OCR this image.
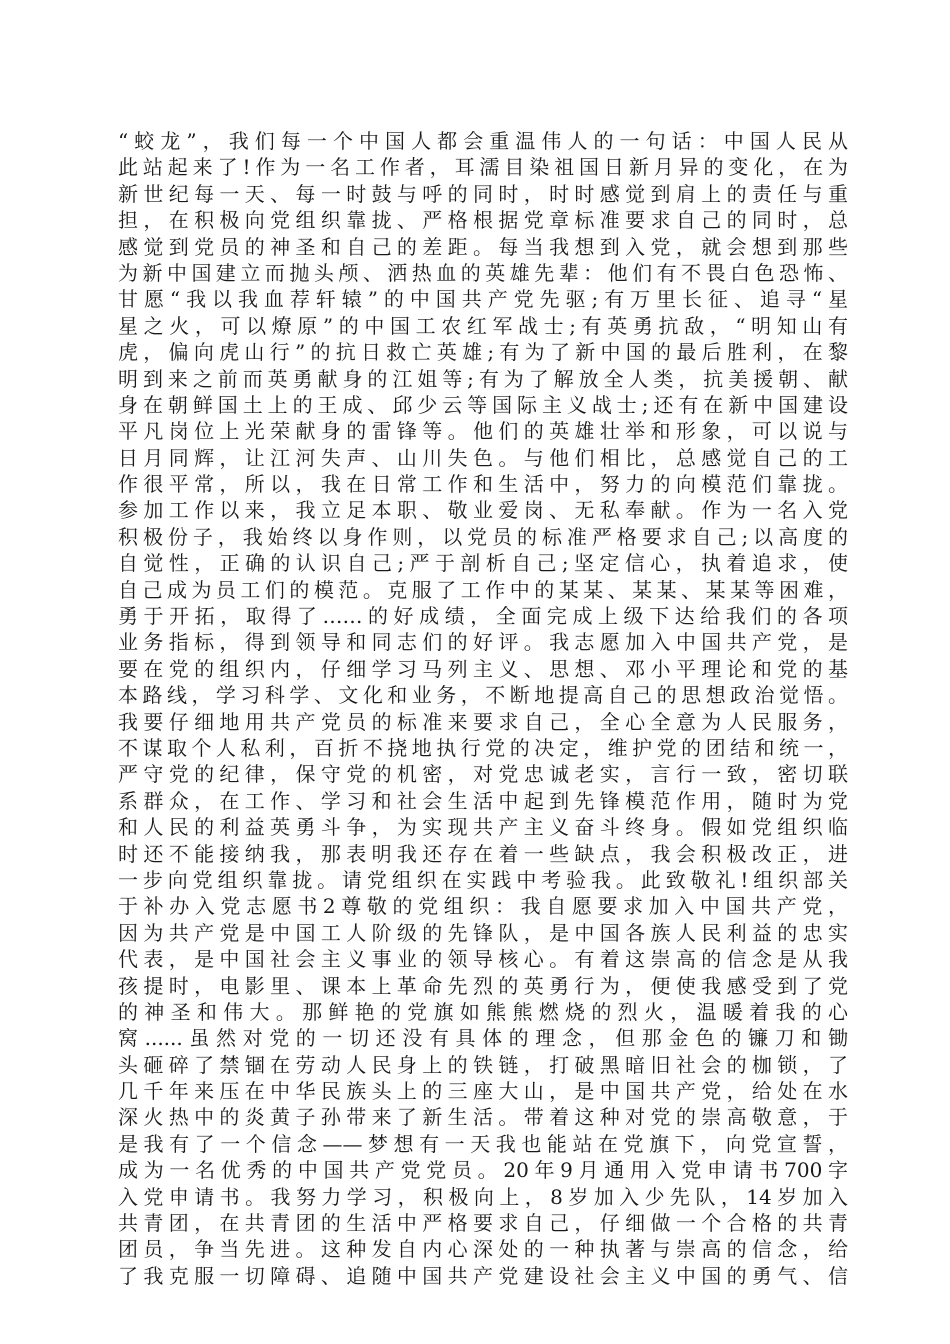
“蛟龙”，我们每一个中国人都会重温伟人的一句话：中国人民从
此站起来了!作为一名工作者，耳濡目染祖国日新月异的变化，在为
新世纪每一天、每一时鼓与呼的同时，时时感觉到肩上的责任与重
担，在积极向党组织靠拢、严格根据党章标准要求自己的同时，总
感觉到党员的神圣和自己的差距。每当我想到入党，就会想到那些
为新中国建立而抛头颅、洒热血的英雄先辈：他们有不畏白色恐怖、
甘愿“我以我血荐轩辕”的中国共产党先驱;有万里长征、追寻“星
星之火，可以燎原”的中国工农红军战士;有英勇抗敌，“明知山有
虎，偏向虎山行”的抗日救亡英雄;有为了新中国的最后胜利，在黎
明到来之前而英勇献身的江姐等;有为了解放全人类，抗美援朝、献
身在朝鲜国土上的王成、邱少云等国际主义战士;还有在新中国建设
平凡岗位上光荣献身的雷锋等。他们的英雄壮举和形象，可以说与
日月同辉，让江河失声、山川失色。与他们相比，总感觉自己的工
作很平常，所以，我在日常工作和生活中，努力的向模范们靠拢。
参加工作以来，我立足本职、敬业爱岗、无私奉献。作为一名入党
积极份子，我始终以身作则，以党员的标准严格要求自己;以高度的
自觉性，正确的认识自己;严于剖析自己;坚定信心，执着追求，使
自己成为员工们的模范。克服了工作中的某某、某某、某某等困难，
勇于开拓，取得了……的好成绩，全面完成上级下达给我们的各项
业务指标，得到领导和同志们的好评。我志愿加入中国共产党，是
要在党的组织内，仔细学习马列主义、思想、邓小平理论和党的基
本路线，学习科学、文化和业务，不断地提高自己的思想政治觉悟。
我要仔细地用共产党员的标准来要求自己，全心全意为人民服务，
不谋取个人私利，百折不挠地执行党的决定，维护党的团结和统一，
严守党的纪律，保守党的机密，对党忠诚老实，言行一致，密切联
系群众，在工作、学习和社会生活中起到先锋模范作用，随时为党
和人民的利益英勇斗争，为实现共产主义奋斗终身。假如党组织临
时还不能接纳我，那表明我还存在着一些缺点，我会积极改正，进
一步向党组织靠拢。请党组织在实践中考验我。此致敬礼!组织部关
于补办入党志愿书2尊敬的党组织：我自愿要求加入中国共产党，
因为共产党是中国工人阶级的先锋队，是中国各族人民利益的忠实
代表，是中国社会主义事业的领导核心。有着这崇高的信念是从我
孩提时，电影里、课本上革命先烈的英勇行为，便使我感受到了党
的神圣和伟大。那鲜艳的党旗如熊熊燃烧的烈火，温暖着我的心
窝......虽然对党的一切还没有具体的理念，但那金色的镰刀和锄
头砸碎了禁锢在劳动人民身上的铁链，打破黑暗旧社会的枷锁，了
几千年来压在中华民族头上的三座大山，是中国共产党，给处在水
深火热中的炎黄子孙带来了新生活。带着这种对党的崇高敬意，于
是我有了一个信念——梦想有一天我也能站在党旗下，向党宣誓，
成为一名优秀的中国共产党党员。20年9月通用入党申请书700字
入党申请书。我努力学习，积极向上，8岁加入少先队，14岁加入
共青团，在共青团的生活中严格要求自己，仔细做一个合格的共青
团员，争当先进。这种发自内心深处的一种执著与崇高的信念，给
了我克服一切障碍、追随中国共产党建设社会主义中国的勇气、信
